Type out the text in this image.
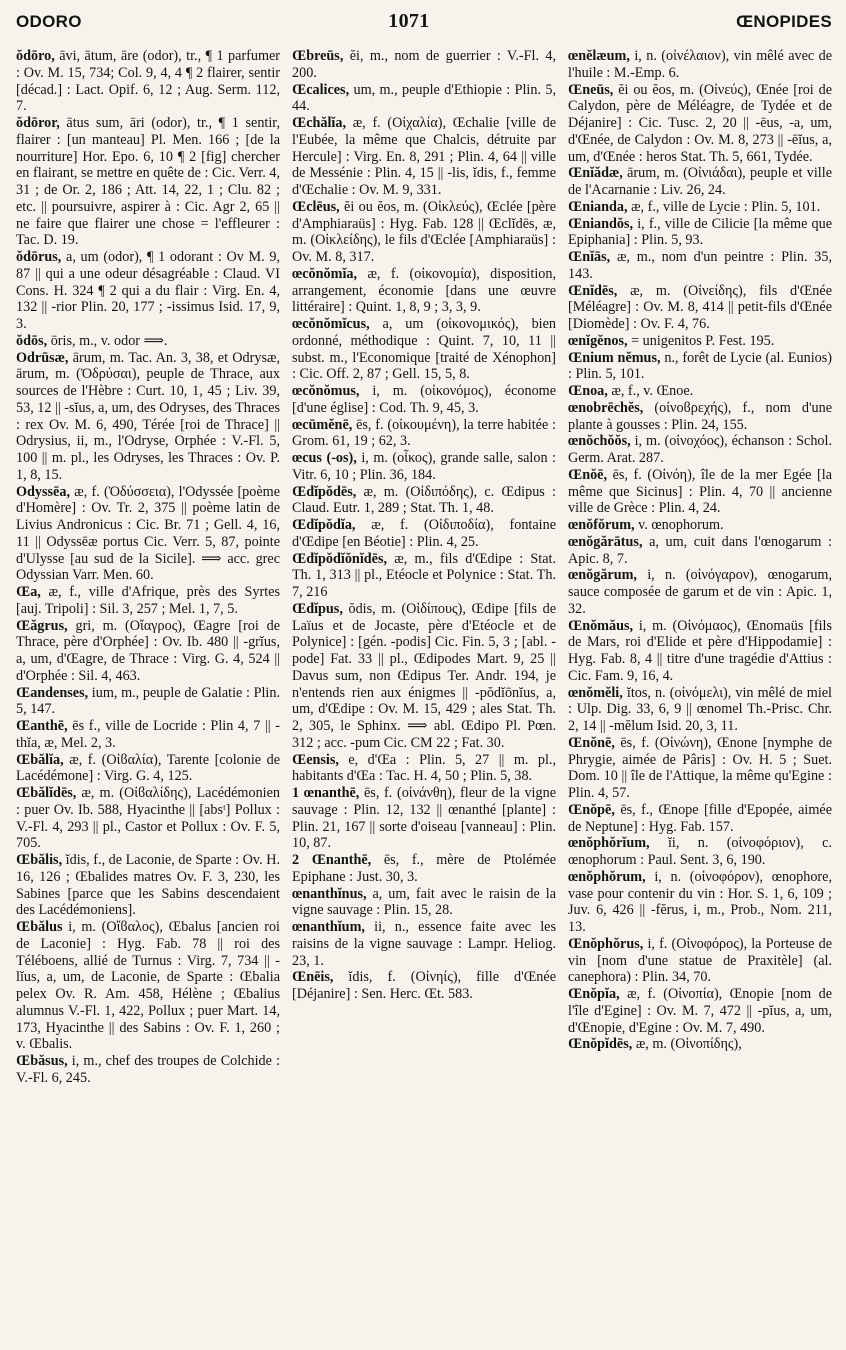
ODORO	1071	ŒNOPIDES

ŏdōro, āvi, ātum, āre (odor), tr., ¶ 1 parfumer : Ov. M. 15, 734; Col. 9, 4, 4 ¶ 2 flairer, sentir [décad.] : Lact. Opif. 6, 12 ; Aug. Serm. 112, 7.

ŏdōror, ātus sum, āri (odor), tr., ¶ 1 sentir, flairer : [un manteau] Pl. Men. 166 ; [de la nourriture] Hor. Epo. 6, 10 ¶ 2 [fig] chercher en flairant, se mettre en quête de : Cic. Verr. 4, 31 ; de Or. 2, 186 ; Att. 14, 22, 1 ; Clu. 82 ; etc. || poursuivre, aspirer à : Cic. Agr 2, 65 || ne faire que flairer une chose = l'effleurer : Tac. D. 19.

ŏdōrus, a, um (odor), ¶ 1 odorant : Ov M. 9, 87 || qui a une odeur désagréable : Claud. VI Cons. H. 324 ¶ 2 qui a du flair : Virg. En. 4, 132 || -rior Plin. 20, 177 ; -issimus Isid. 17, 9, 3.

ŏdōs, ōris, m., v. odor ⟹.

Odrūsæ, ārum, m. Tac. An. 3, 38, et Odrysæ, ārum, m. (Ὀδρύσαι), peuple de Thrace, aux sources de l'Hèbre : Curt. 10, 1, 45 ; Liv. 39, 53, 12 || -sĭus, a, um, des Odryses, des Thraces : rex Ov. M. 6, 490, Térée [roi de Thrace] || Odrysius, ii, m., l'Odryse, Orphée : V.-Fl. 5, 100 || m. pl., les Odryses, les Thraces : Ov. P. 1, 8, 15.

Odyssēa, æ, f. (Ὀδύσσεια), l'Odyssée [poème d'Homère] : Ov. Tr. 2, 375 || poème latin de Livius Andronicus : Cic. Br. 71 ; Gell. 4, 16, 11 || Odyssēæ portus Cic. Verr. 5, 87, pointe d'Ulysse [au sud de la Sicile]. ⟹ acc. grec Odyssian Varr. Men. 60.

Œa, æ, f., ville d'Afrique, près des Syrtes [auj. Tripoli] : Sil. 3, 257 ; Mel. 1, 7, 5.

Œăgrus, gri, m. (Οἴαγρος), Œagre [roi de Thrace, père d'Orphée] : Ov. Ib. 480 || -grĭus, a, um, d'Œagre, de Thrace : Virg. G. 4, 524 || d'Orphée : Sil. 4, 463.

Œandenses, ium, m., peuple de Galatie : Plin. 5, 147.

Œanthē, ēs f., ville de Locride : Plin 4, 7 || -thĭa, æ, Mel. 2, 3.

Œbălĭa, æ, f. (Οἰϐαλία), Tarente [colonie de Lacédémone] : Virg. G. 4, 125.

Œbălĭdēs, æ, m. (Οἰϐαλίδης), Lacédémonien : puer Ov. Ib. 588, Hyacinthe || [absᵗ] Pollux : V.-Fl. 4, 293 || pl., Castor et Pollux : Ov. F. 5, 705.

Œbălis, ĭdis, f., de Laconie, de Sparte : Ov. H. 16, 126 ; Œbalides matres Ov. F. 3, 230, les Sabines [parce que les Sabins descendaient des Lacédémoniens].

Œbălus i, m. (Οἴϐαλος), Œbalus [ancien roi de Laconie] : Hyg. Fab. 78 || roi des Téléboens, allié de Turnus : Virg. 7, 734 || -lĭus, a, um, de Laconie, de Sparte : Œbalia pelex Ov. R. Am. 458, Hélène ; Œbalius alumnus V.-Fl. 1, 422, Pollux ; puer Mart. 14, 173, Hyacinthe || des Sabins : Ov. F. 1, 260 ; v. Œbalis.

Œbăsus, i, m., chef des troupes de Colchide : V.-Fl. 6, 245.

Œbreūs, ĕi, m., nom de guerrier : V.-Fl. 4, 200.

Œcalices, um, m., peuple d'Ethiopie : Plin. 5, 44.

Œchălĭa, æ, f. (Οἰχαλία), Œchalie [ville de l'Eubée, la même que Chalcis, détruite par Hercule] : Virg. En. 8, 291 ; Plin. 4, 64 || ville de Messénie : Plin. 4, 15 || -lis, ĭdis, f., femme d'Œchalie : Ov. M. 9, 331.

Œclēus, ĕi ou ĕos, m. (Οἰκλεύς), Œclée [père d'Amphiaraüs] : Hyg. Fab. 128 || Œclĭdēs, æ, m. (Οἰκλείδης), le fils d'Œclée [Amphiaraüs] : Ov. M. 8, 317.

œcŏnŏmĭa, æ, f. (οἰκονομία), disposition, arrangement, économie [dans une œuvre littéraire] : Quint. 1, 8, 9 ; 3, 3, 9.

œcŏnŏmĭcus, a, um (οἰκονομικός), bien ordonné, méthodique : Quint. 7, 10, 11 || subst. m., l'Economique [traité de Xénophon] : Cic. Off. 2, 87 ; Gell. 15, 5, 8.

œcŏnŏmus, i, m. (οἰκονόμος), économe [d'une église] : Cod. Th. 9, 45, 3.

œcūmĕnē, ēs, f. (οἰκουμένη), la terre habitée : Grom. 61, 19 ; 62, 3.

œcus (-os), i, m. (οἶκος), grande salle, salon : Vitr. 6, 10 ; Plin. 36, 184.

Œdĭpŏdēs, æ, m. (Οἰδιπόδης), c. Œdipus : Claud. Eutr. 1, 289 ; Stat. Th. 1, 48.

Œdĭpŏdĭa, æ, f. (Οἰδιποδία), fontaine d'Œdipe [en Béotie] : Plin. 4, 25.

Œdĭpŏdĭŏnĭdēs, æ, m., fils d'Œdipe : Stat. Th. 1, 313 || pl., Etéocle et Polynice : Stat. Th. 7, 216

Œdĭpus, ŏdis, m. (Οἰδίπους), Œdipe [fils de Laïus et de Jocaste, père d'Etéocle et de Polynice] : [gén. -podis] Cic. Fin. 5, 3 ; [abl. -pode] Fat. 33 || pl., Œdipodes Mart. 9, 25 || Davus sum, non Œdipus Ter. Andr. 194, je n'entends rien aux énigmes || -pŏdĭōnĭus, a, um, d'Œdipe : Ov. M. 15, 429 ; ales Stat. Th. 2, 305, le Sphinx. ⟹ abl. Œdipo Pl. Pœn. 312 ; acc. -pum Cic. CM 22 ; Fat. 30.

Œensis, e, d'Œa : Plin. 5, 27 || m. pl., habitants d'Œa : Tac. H. 4, 50 ; Plin. 5, 38.

1 œnanthē, ēs, f. (οἰνάνθη), fleur de la vigne sauvage : Plin. 12, 132 || œnanthé [plante] : Plin. 21, 167 || sorte d'oiseau [vanneau] : Plin. 10, 87.

2 Œnanthē, ēs, f., mère de Ptolémée Epiphane : Just. 30, 3.

œnanthĭnus, a, um, fait avec le raisin de la vigne sauvage : Plin. 15, 28.

œnanthĭum, ii, n., essence faite avec les raisins de la vigne sauvage : Lampr. Heliog. 23, 1.

Œnēis, ĭdis, f. (Οἰνηίς), fille d'Œnée [Déjanire] : Sen. Herc. Œt. 583.

œnĕlæum, i, n. (οἰνέλαιον), vin mêlé avec de l'huile : M.-Emp. 6.

Œneūs, ĕi ou ĕos, m. (Οἰνεύς), Œnée [roi de Calydon, père de Méléagre, de Tydée et de Déjanire] : Cic. Tusc. 2, 20 || -ēus, -a, um, d'Œnée, de Calydon : Ov. M. 8, 273 || -ēĭus, a, um, d'Œnée : heros Stat. Th. 5, 661, Tydée.

Œnĭădæ, ārum, m. (Οἰνιάδαι), peuple et ville de l'Acarnanie : Liv. 26, 24.

Œnianda, æ, f., ville de Lycie : Plin. 5, 101.

Œniandŏs, i, f., ville de Cilicie [la même que Epiphania] : Plin. 5, 93.

Œnĭās, æ, m., nom d'un peintre : Plin. 35, 143.

Œnĭdēs, æ, m. (Οἰνείδης), fils d'Œnée [Méléagre] : Ov. M. 8, 414 || petit-fils d'Œnée [Diomède] : Ov. F. 4, 76.

œnĭgĕnos, = unigenitos P. Fest. 195.

Œnium nĕmus, n., forêt de Lycie (al. Eunios) : Plin. 5, 101.

Œnoa, æ, f., v. Œnoe.

œnobrēchĕs, (οἰνοϐρεχής), f., nom d'une plante à gousses : Plin. 24, 155.

œnŏchŏŏs, i, m. (οἰνοχόος), échanson : Schol. Germ. Arat. 287.

Œnŏē, ēs, f. (Οἰνόη), île de la mer Egée [la même que Sicinus] : Plin. 4, 70 || ancienne ville de Grèce : Plin. 4, 24.

œnŏfŏrum, v. œnophorum.

œnŏgărātus, a, um, cuit dans l'œnogarum : Apic. 8, 7.

œnŏgărum, i, n. (οἰνόγαρον), œnogarum, sauce composée de garum et de vin : Apic. 1, 32.

Œnŏmăus, i, m. (Οἰνόμαος), Œnomaüs [fils de Mars, roi d'Elide et père d'Hippodamie] : Hyg. Fab. 8, 4 || titre d'une tragédie d'Attius : Cic. Fam. 9, 16, 4.

œnŏmĕli, ĭtos, n. (οἰνόμελι), vin mêlé de miel : Ulp. Dig. 33, 6, 9 || œnomel Th.-Prisc. Chr. 2, 14 || -mĕlum Isid. 20, 3, 11.

Œnŏnē, ēs, f. (Οἰνώνη), Œnone [nymphe de Phrygie, aimée de Pâris] : Ov. H. 5 ; Suet. Dom. 10 || île de l'Attique, la même qu'Egine : Plin. 4, 57.

Œnŏpē, ēs, f., Œnope [fille d'Epopée, aimée de Neptune] : Hyg. Fab. 157.

œnŏphŏrĭum, ĭi, n. (οἰνοφόριον), c. œnophorum : Paul. Sent. 3, 6, 190.

œnŏphŏrum, i, n. (οἰνοφόρον), œnophore, vase pour contenir du vin : Hor. S. 1, 6, 109 ; Juv. 6, 426 || -fĕrus, i, m., Prob., Nom. 211, 13.

Œnŏphŏrus, i, f. (Οἰνοφόρος), la Porteuse de vin [nom d'une statue de Praxitèle] (al. canephora) : Plin. 34, 70.

Œnŏpĭa, æ, f. (Οἰνοπία), Œnopie [nom de l'île d'Egine] : Ov. M. 7, 472 || -pĭus, a, um, d'Œnopie, d'Egine : Ov. M. 7, 490.

Œnŏpĭdēs, æ, m. (Οἰνοπίδης),
